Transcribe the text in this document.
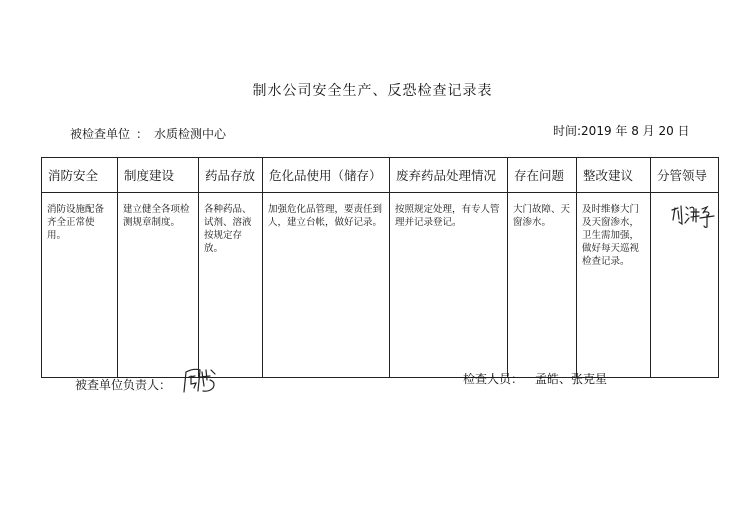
制水公司安全生产、反恐检查记录表
被检查单位 ： 水质检测中心	时间:2019 年 8 月 20 日
消防安全	制度建设	药品存放	危化品使用（储存）	废弃药品处理情况	存在问题	整改建议	分管领导
消防设施配备齐全正常使用。	建立健全各项检测规章制度。	各种药品、试剂、溶液按规定存放。	加强危化品管理，要责任到人，建立台帐，做好记录。	按照规定处理，有专人管理并记录登记。	大门故障、天窗渗水。	及时维修大门及天窗渗水，卫生需加强，做好每天巡视检查记录。	
被查单位负责人：	检查人员： 孟皓、张克星
